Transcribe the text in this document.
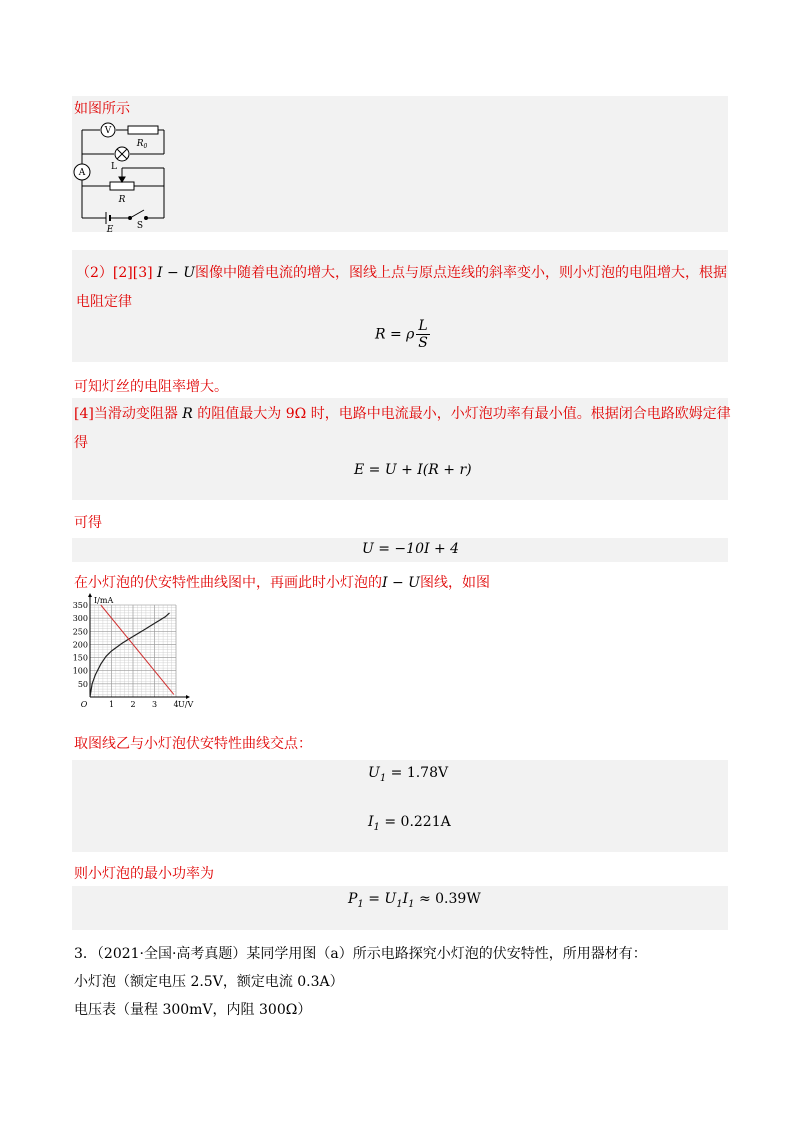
如图所示
V
A
$R_0$
L
R
E	S
（2）[2][3] I − U图像中随着电流的增大，图线上点与原点连线的斜率变小，则小灯泡的电阻增大，根据
电阻定律
R = ρ $\frac{L}{S}$
可知灯丝的电阻率增大。
[4]当滑动变阻器 R 的阻值最大为 9Ω 时，电路中电流最小，小灯泡功率有最小值。根据闭合电路欧姆定律
得
E = U + I(R + r)
可得
U = −10I + 4
在小灯泡的伏安特性曲线图中，再画此时小灯泡的I − U图线，如图
1 2 3 4
50
100
150
200
250
300
350
O
I/mA
U/V
取图线乙与小灯泡伏安特性曲线交点：
$U_1 = 1.78V$
$I_1 = 0.221A$
则小灯泡的最小功率为
$P_1 = U_1I_1 \approx 0.39W$
3．（2021·全国·高考真题）某同学用图（a）所示电路探究小灯泡的伏安特性，所用器材有：
小灯泡（额定电压 2.5V，额定电流 0.3A）
电压表（量程 300mV，内阻 300Ω）
